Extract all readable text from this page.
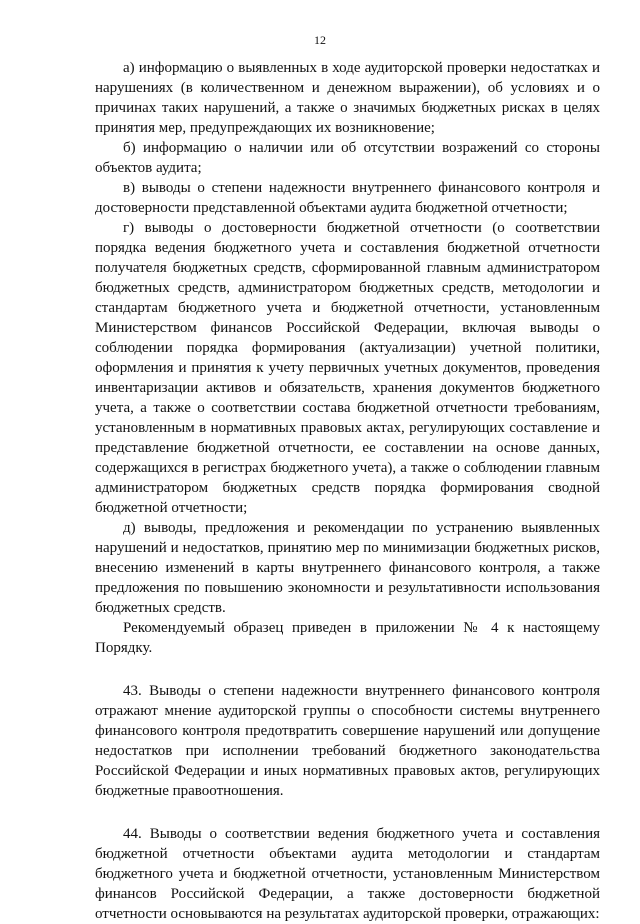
12

а) информацию о выявленных в ходе аудиторской проверки недостатках и нарушениях (в количественном и денежном выражении), об условиях и о причинах таких нарушений, а также о значимых бюджетных рисках в целях принятия мер, предупреждающих их возникновение;

б) информацию о наличии или об отсутствии возражений со стороны объектов аудита;

в) выводы о степени надежности внутреннего финансового контроля и достоверности представленной объектами аудита бюджетной отчетности;

г) выводы о достоверности бюджетной отчетности (о соответствии порядка ведения бюджетного учета и составления бюджетной отчетности получателя бюджетных средств, сформированной главным администратором бюджетных средств, администратором бюджетных средств, методологии и стандартам бюджетного учета и бюджетной отчетности, установленным Министерством финансов Российской Федерации, включая выводы о соблюдении порядка формирования (актуализации) учетной политики, оформления и принятия к учету первичных учетных документов, проведения инвентаризации активов и обязательств, хранения документов бюджетного учета, а также о соответствии состава бюджетной отчетности требованиям, установленным в нормативных правовых актах, регулирующих составление и представление бюджетной отчетности, ее составлении на основе данных, содержащихся в регистрах бюджетного учета), а также о соблюдении главным администратором бюджетных средств порядка формирования сводной бюджетной отчетности;

д) выводы, предложения и рекомендации по устранению выявленных нарушений и недостатков, принятию мер по минимизации бюджетных рисков, внесению изменений в карты внутреннего финансового контроля, а также предложения по повышению экономности и результативности использования бюджетных средств.

Рекомендуемый образец приведен в приложении № 4 к настоящему Порядку.

43. Выводы о степени надежности внутреннего финансового контроля отражают мнение аудиторской группы о способности системы внутреннего финансового контроля предотвратить совершение нарушений или допущение недостатков при исполнении требований бюджетного законодательства Российской Федерации и иных нормативных правовых актов, регулирующих бюджетные правоотношения.

44. Выводы о соответствии ведения бюджетного учета и составления бюджетной отчетности объектами аудита методологии и стандартам бюджетного учета и бюджетной отчетности, установленным Министерством финансов Российской Федерации, а также достоверности бюджетной отчетности основываются на результатах аудиторской проверки, отражающих:
